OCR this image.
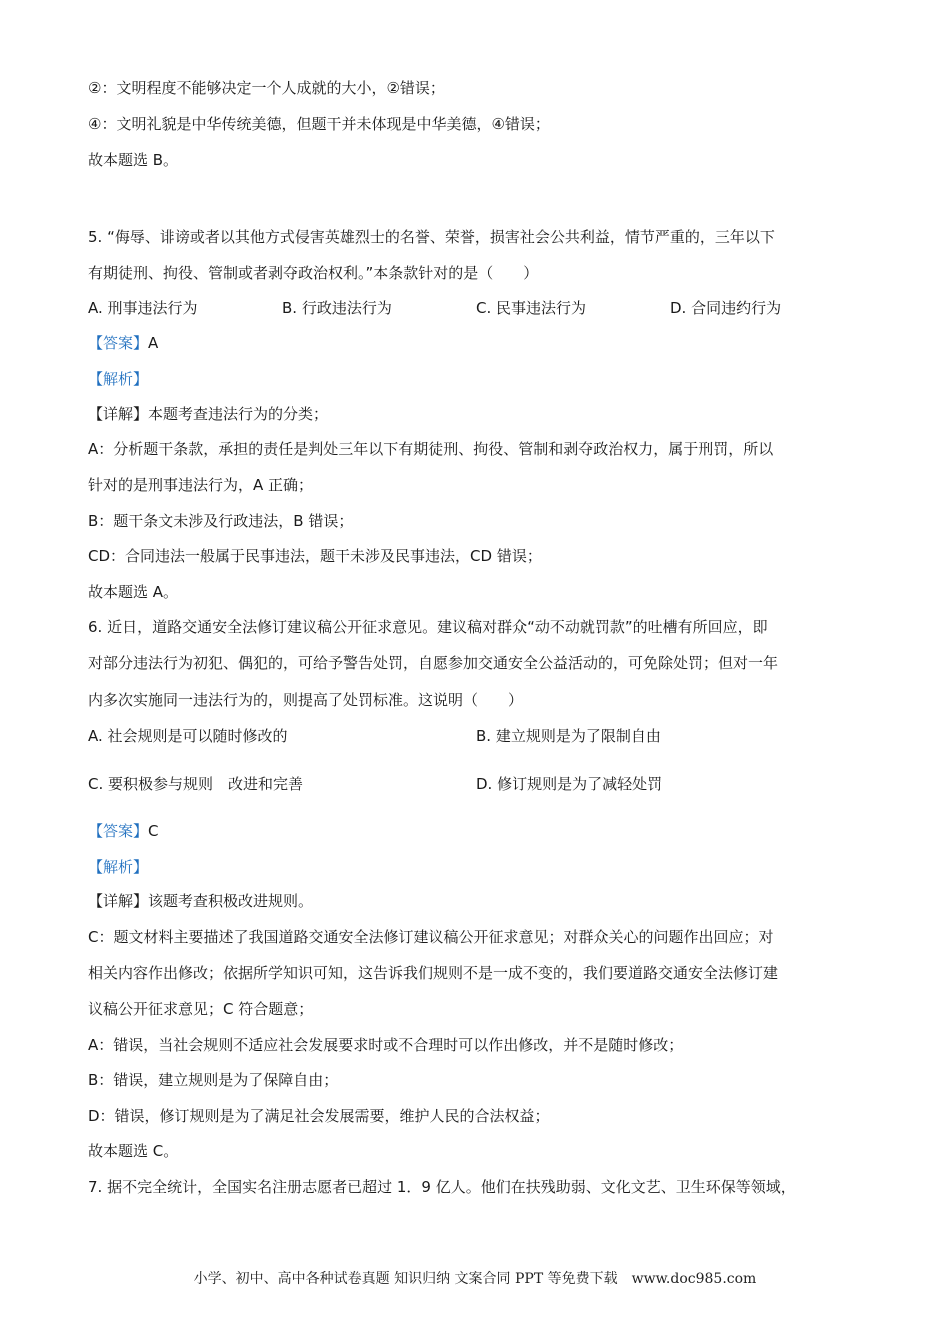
②：文明程度不能够决定一个人成就的大小，②错误；
④：文明礼貌是中华传统美德，但题干并未体现是中华美德，④错误；
故本题选 B。
5. “侮辱、诽谤或者以其他方式侵害英雄烈士的名誉、荣誉，损害社会公共利益，情节严重的，三年以下
有期徒刑、拘役、管制或者剥夺政治权利。”本条款针对的是（　　）
A. 刑事违法行为	B. 行政违法行为	C. 民事违法行为	D. 合同违约行为
【答案】A
【解析】
【详解】本题考查违法行为的分类；
A：分析题干条款，承担的责任是判处三年以下有期徒刑、拘役、管制和剥夺政治权力，属于刑罚，所以
针对的是刑事违法行为，A 正确；
B：题干条文未涉及行政违法，B 错误；
CD：合同违法一般属于民事违法，题干未涉及民事违法，CD 错误；
故本题选 A。
6. 近日，道路交通安全法修订建议稿公开征求意见。建议稿对群众“动不动就罚款”的吐槽有所回应，即
对部分违法行为初犯、偶犯的，可给予警告处罚，自愿参加交通安全公益活动的，可免除处罚；但对一年
内多次实施同一违法行为的，则提高了处罚标准。这说明（　　）
A. 社会规则是可以随时修改的	B. 建立规则是为了限制自由
C. 要积极参与规则　改进和完善	D. 修订规则是为了减轻处罚
【答案】C
【解析】
【详解】该题考查积极改进规则。
C：题文材料主要描述了我国道路交通安全法修订建议稿公开征求意见；对群众关心的问题作出回应；对
相关内容作出修改；依据所学知识可知，这告诉我们规则不是一成不变的，我们要道路交通安全法修订建
议稿公开征求意见；C 符合题意；
A：错误，当社会规则不适应社会发展要求时或不合理时可以作出修改，并不是随时修改；
B：错误，建立规则是为了保障自由；
D：错误，修订规则是为了满足社会发展需要，维护人民的合法权益；
故本题选 C。
7. 据不完全统计，全国实名注册志愿者已超过 1．9 亿人。他们在扶残助弱、文化文艺、卫生环保等领域，
小学、初中、高中各种试卷真题 知识归纳 文案合同 PPT 等免费下载　www.doc985.com
